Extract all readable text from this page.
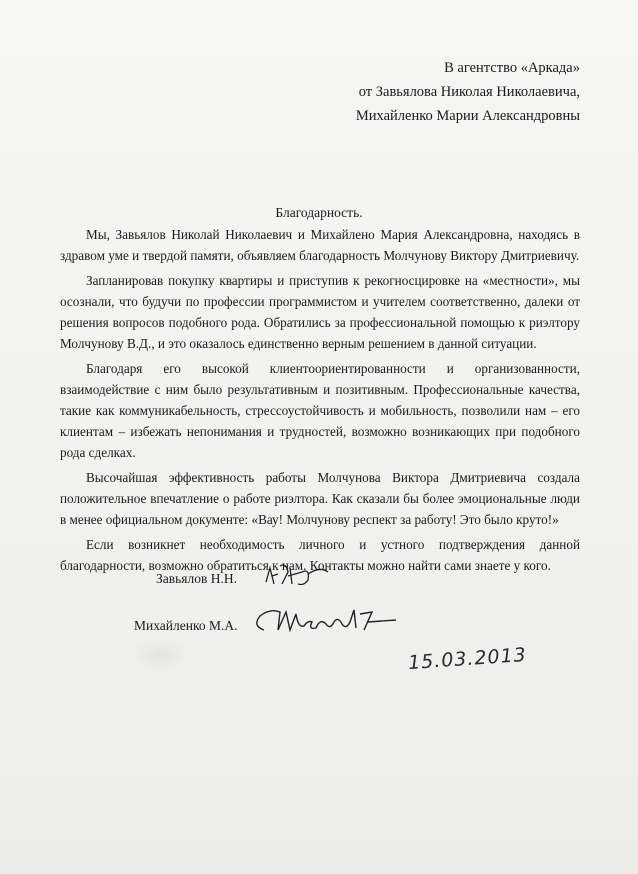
В агентство «Аркада»
от Завьялова Николая Николаевича,
Михайленко Марии Александровны
Благодарность.

Мы, Завьялов Николай Николаевич и Михайлено Мария Александровна, находясь в здравом уме и твердой памяти, объявляем благодарность Молчунову Виктору Дмитриевичу.

Запланировав покупку квартиры и приступив к рекогносцировке на «местности», мы осознали, что будучи по профессии программистом и учителем соответственно, далеки от решения вопросов подобного рода. Обратились за профессиональной помощью к риэлтору Молчунову В.Д., и это оказалось единственно верным решением в данной ситуации.

Благодаря его высокой клиентоориентированности и организованности, взаимодействие с ним было результативным и позитивным. Профессиональные качества, такие как коммуникабельность, стрессоустойчивость и мобильность, позволили нам – его клиентам – избежать непонимания и трудностей, возможно возникающих при подобного рода сделках.

Высочайшая эффективность работы Молчунова Виктора Дмитриевича создала положительное впечатление о работе риэлтора. Как сказали бы более эмоциональные люди в менее официальном документе: «Вау! Молчунову респект за работу! Это было круто!»

Если возникнет необходимость личного и устного подтверждения данной благодарности, возможно обратиться к нам. Контакты можно найти сами знаете у кого.

Завьялов Н.Н.
Михайленко М.А.
15.03.2013
